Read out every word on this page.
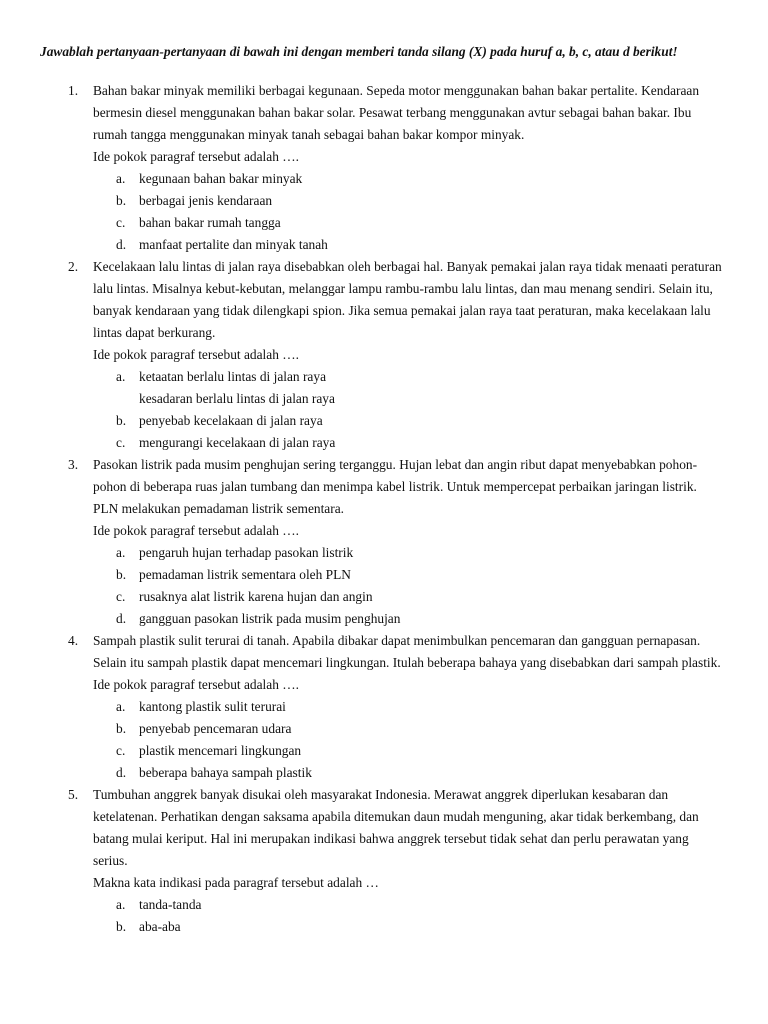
Jawablah pertanyaan-pertanyaan di bawah ini dengan memberi tanda silang (X) pada huruf a, b, c, atau d berikut!
1. Bahan bakar minyak memiliki berbagai kegunaan. Sepeda motor menggunakan bahan bakar pertalite. Kendaraan bermesin diesel menggunakan bahan bakar solar. Pesawat terbang menggunakan avtur sebagai bahan bakar. Ibu rumah tangga menggunakan minyak tanah sebagai bahan bakar kompor minyak.

Ide pokok paragraf tersebut adalah ….

a. kegunaan bahan bakar minyak
b. berbagai jenis kendaraan
c. bahan bakar rumah tangga
d. manfaat pertalite dan minyak tanah
2. Kecelakaan lalu lintas di jalan raya disebabkan oleh berbagai hal. Banyak pemakai jalan raya tidak menaati peraturan lalu lintas. Misalnya kebut-kebutan, melanggar lampu rambu-rambu lalu lintas, dan mau menang sendiri. Selain itu, banyak kendaraan yang tidak dilengkapi spion. Jika semua pemakai jalan raya taat peraturan, maka kecelakaan lalu lintas dapat berkurang.

Ide pokok paragraf tersebut adalah ….

a. ketaatan berlalu lintas di jalan raya
kesadaran berlalu lintas di jalan raya
b. penyebab kecelakaan di jalan raya
c. mengurangi kecelakaan di jalan raya
3. Pasokan listrik pada musim penghujan sering terganggu. Hujan lebat dan angin ribut dapat menyebabkan pohon-pohon di beberapa ruas jalan tumbang dan menimpa kabel listrik. Untuk mempercepat perbaikan jaringan listrik. PLN melakukan pemadaman listrik sementara.

Ide pokok paragraf tersebut adalah ….

a. pengaruh hujan terhadap pasokan listrik
b. pemadaman listrik sementara oleh PLN
c. rusaknya alat listrik karena hujan dan angin
d. gangguan pasokan listrik pada musim penghujan
4. Sampah plastik sulit terurai di tanah. Apabila dibakar dapat menimbulkan pencemaran dan gangguan pernapasan. Selain itu sampah plastik dapat mencemari lingkungan. Itulah beberapa bahaya yang disebabkan dari sampah plastik.

Ide pokok paragraf tersebut adalah ….

a. kantong plastik sulit terurai
b. penyebab pencemaran udara
c. plastik mencemari lingkungan
d. beberapa bahaya sampah plastik
5. Tumbuhan anggrek banyak disukai oleh masyarakat Indonesia. Merawat anggrek diperlukan kesabaran dan ketelatenan. Perhatikan dengan saksama apabila ditemukan daun mudah menguning, akar tidak berkembang, dan batang mulai keriput. Hal ini merupakan indikasi bahwa anggrek tersebut tidak sehat dan perlu perawatan yang serius.

Makna kata indikasi pada paragraf tersebut adalah …

a. tanda-tanda
b. aba-aba
